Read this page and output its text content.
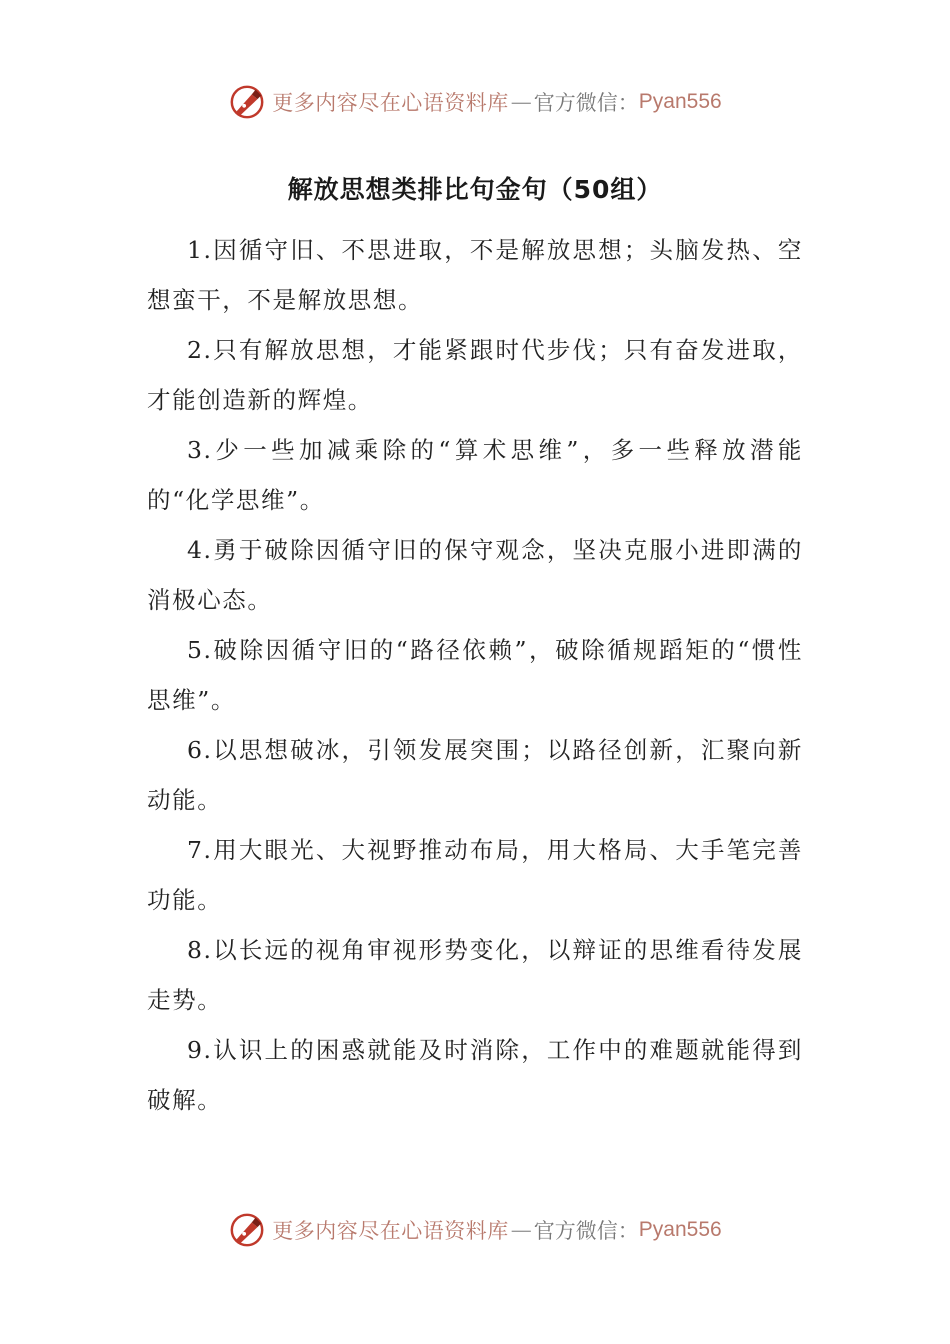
更多内容尽在心语资料库 — 官方微信： Pyan556
解放思想类排比句金句（50组）

1.因循守旧、不思进取，不是解放思想；头脑发热、空想蛮干，不是解放思想。

2.只有解放思想，才能紧跟时代步伐；只有奋发进取，才能创造新的辉煌。

3.少一些加减乘除的“算术思维”，多一些释放潜能的“化学思维”。

4.勇于破除因循守旧的保守观念，坚决克服小进即满的消极心态。

5.破除因循守旧的“路径依赖”，破除循规蹈矩的“惯性思维”。

6.以思想破冰，引领发展突围；以路径创新，汇聚向新动能。

7.用大眼光、大视野推动布局，用大格局、大手笔完善功能。

8.以长远的视角审视形势变化，以辩证的思维看待发展走势。

9.认识上的困惑就能及时消除，工作中的难题就能得到破解。

更多内容尽在心语资料库 — 官方微信： Pyan556
